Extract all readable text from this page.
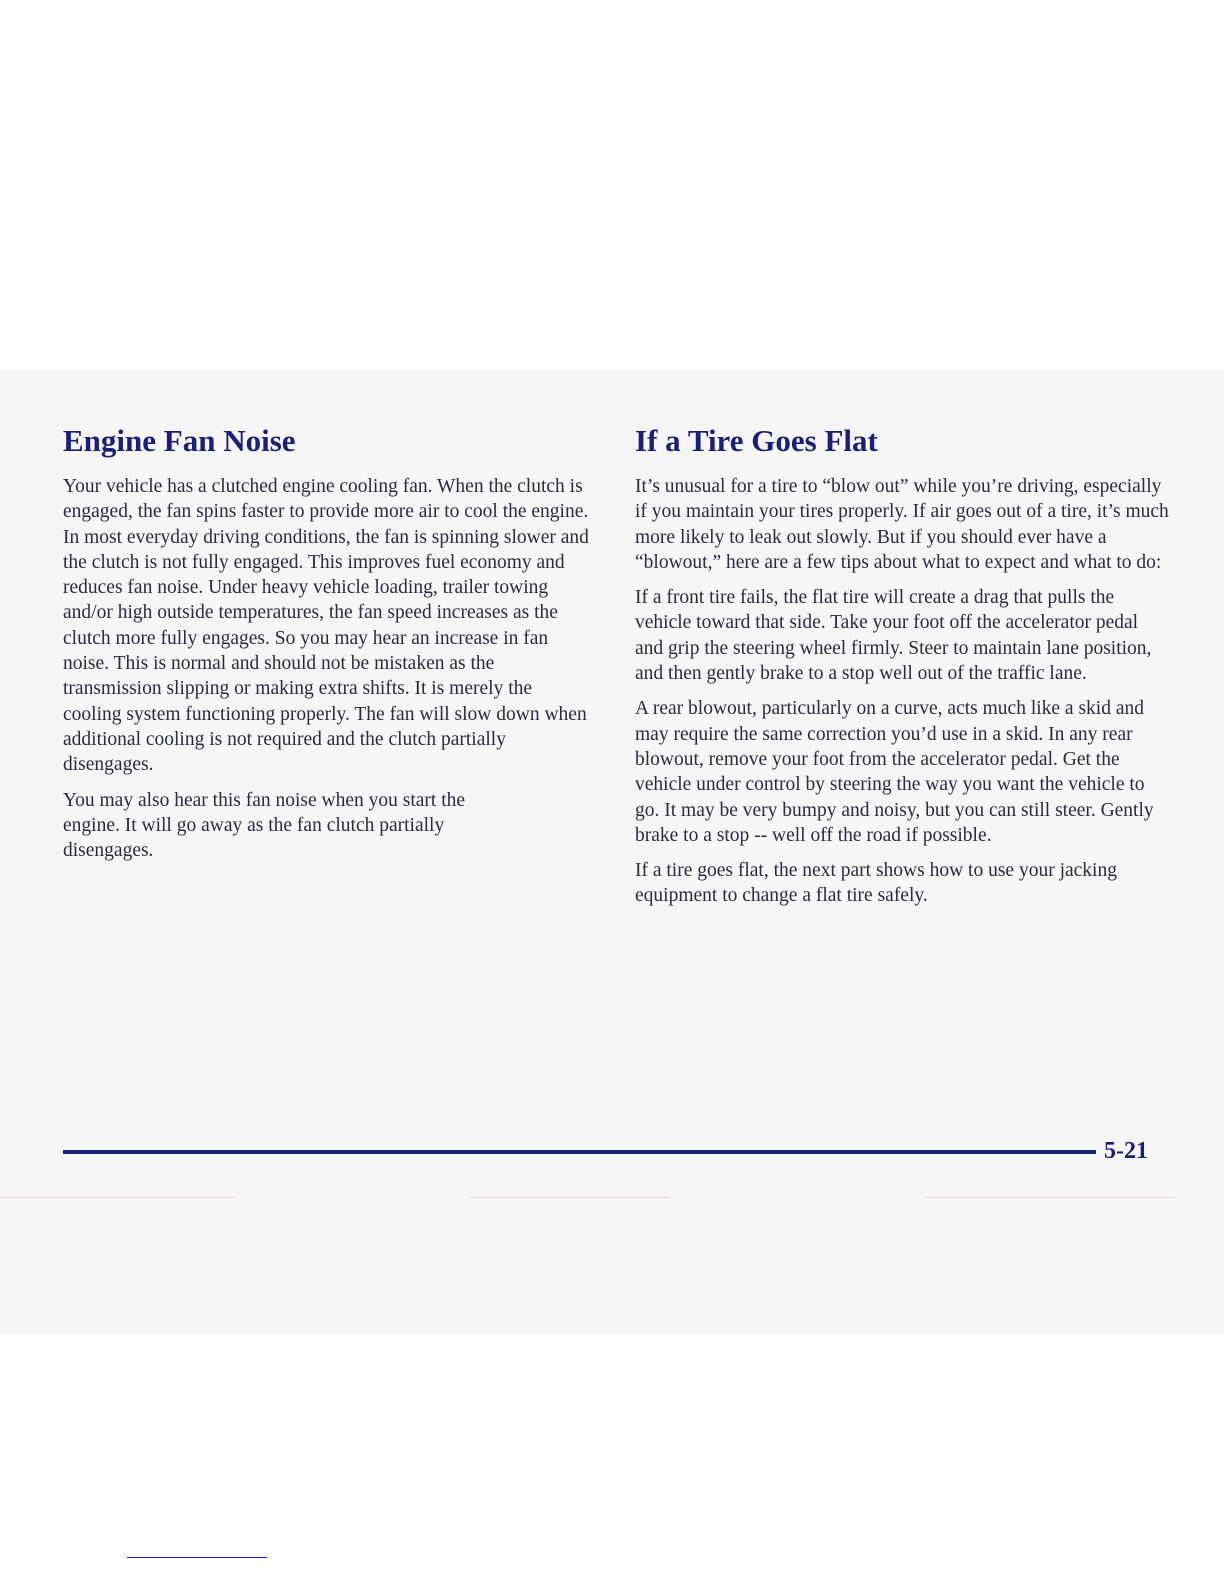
Engine Fan Noise

Your vehicle has a clutched engine cooling fan. When the clutch is engaged, the fan spins faster to provide more air to cool the engine. In most everyday driving conditions, the fan is spinning slower and the clutch is not fully engaged. This improves fuel economy and reduces fan noise. Under heavy vehicle loading, trailer towing and/or high outside temperatures, the fan speed increases as the clutch more fully engages. So you may hear an increase in fan noise. This is normal and should not be mistaken as the transmission slipping or making extra shifts. It is merely the cooling system functioning properly. The fan will slow down when additional cooling is not required and the clutch partially disengages.

You may also hear this fan noise when you start the engine. It will go away as the fan clutch partially disengages.

If a Tire Goes Flat

It’s unusual for a tire to “blow out” while you’re driving, especially if you maintain your tires properly. If air goes out of a tire, it’s much more likely to leak out slowly. But if you should ever have a “blowout,” here are a few tips about what to expect and what to do:

If a front tire fails, the flat tire will create a drag that pulls the vehicle toward that side. Take your foot off the accelerator pedal and grip the steering wheel firmly. Steer to maintain lane position, and then gently brake to a stop well out of the traffic lane.

A rear blowout, particularly on a curve, acts much like a skid and may require the same correction you’d use in a skid. In any rear blowout, remove your foot from the accelerator pedal. Get the vehicle under control by steering the way you want the vehicle to go. It may be very bumpy and noisy, but you can still steer. Gently brake to a stop -- well off the road if possible.

If a tire goes flat, the next part shows how to use your jacking equipment to change a flat tire safely.

5-21
